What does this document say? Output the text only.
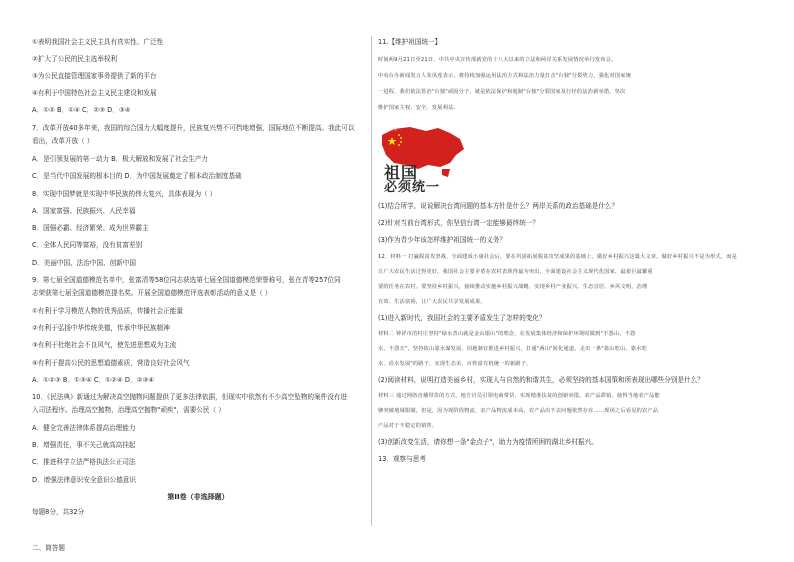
①表明我国社会主义民主具有真实性、广泛性
②扩大了公民的民主选举权利
③为公民直接管理国家事务提供了新的平台
④有利于中国特色社会主义民主建设和发展
A．①② B．①④ C．②③ D．③④
7．改革开放40多年来，我国的综合国力大幅度提升，民族复兴势不可挡地增强，国际地位不断提高。我此可以
看出，改革开放（ ）
A．是引领发展的第一动力 B．极大解放和发展了社会生产力
C．是当代中国发展的根本目的 D．为中国发展奠定了根本政治制度基础
8．实现中国梦就是实现中华民族的伟大复兴，具体表现为（ ）
A．国家富强、民族振兴、人民幸福
B．国强必霸、经济繁荣、成为世界霸主
C．全体人民同等富裕，没有贫富差别
D．美丽中国、法治中国、创新中国
9．第七届全国道德模范名单中，张富清等58位同志获选第七届全国道德模范荣誉称号，张在青等257位同
志荣获第七届全国道德模范提名奖。开展全国道德模范评选表彰活动的意义是（ ）
①有利于学习模范人物的优秀品质，传播社会正能量
②有利于弘扬中华传统美德，传承中华民族精神
③有利于杜绝社会不良风气，使先进思想成为主流
④有利于提高公民的思想道德素质，营造良好社会风气
A．①②③ B．①③④ C．①②④ D．②③④
10．《民法典》新通过为解决高空抛物问题提供了更多法律依据，但现实中依然有不少高空坠物的案件没有进
入司法程序。治理高空抛物，治理高空抛物"顽疾"，需要公民（ ）
A．健全完善法律体系提高治理能力
B．增强责任，事不关己就高高挂起
C．推进科学立法严格执法公正司法
D．增强法律意识安全意识公德意识
第II卷（非选择题）
每题8分，共32分
二、简答题
11.【维护祖国统一】
时间两9月21日至21日，中共中央宣传部就党的十八大以来的立法和两岸关系发展情况举行发布会。
中央台办新闻发言人朱凤莲表示，将持续加强运用法治方式和法治力量打击"台独"分裂势力，强化对国家统
一进程，我们依法惩治"台独"顽固分子，就是依法保护和遏制"台独"分裂国家及行径的法治新举措，坚决
维护国家主权、安全、发展利益。
(1)结合所学，说说解决台湾问题的基本方针是什么？两岸关系的政治基础是什么？
(2)针对当前台湾形式，你坚信台湾一定能够最终统一？
(3)作为青少年该怎样维护祖国统一的义务？
12．材料一 打赢脱贫攻坚战，全面建成小康社会后，要在巩固拓展脱贫攻坚成果的基础上，做好乡村振兴这篇大文章。做好乡村振兴不是为形式，而是
让广大农民生活过得更好。我国社会主要矛盾在农村表现得最为突出，全面建设社会主义现代化国家，最艰巨最繁重
要的任务在农村。要坚持乡村振兴，接续推动实施乡村振兴战略，实现乡村产业振兴、生态宜居、乡风文明、治理
有效、生活富裕，让广大农民共享发展成果。
(1)进入新时代，我国社会的主要矛盾发生了怎样的变化？
材料二 钟祥市的村庄坚持"绿水青山就是金山银山"的理念，在发展集体经济和保护环境时做到"不怨山、不怨
水、不怨天"，坚持依山靠水谋发展、因地制宜推进乡村振兴，打通"两山"转化通道，走出一条"靠山吃山、靠水吃
水、沿水发展"的路子，实现生态美、百姓富有机统一的新路子。
(2)阅读材料，说明打造美丽乡村，实现人与自然的和谐共生，必须坚持的基本国策和所表现出哪些分别是什么？
材料三 通过网络直播带货的方式，地方官员引领电商带货，实现精准扶贫的创新举措。农产品滞销，使得当地农产品能
够突破地域限制，但是，因为现阶段物流，农产品物流成本高，农产品出不去问题依然存在……现场之后看见的农产品
产品对于不稳定的销售。
(3)创新改变生活，请你想一条"金点子"，助力为疫情所困的湖北乡村振兴。
13．观察与思考
人民日报
祖国
必须统一
